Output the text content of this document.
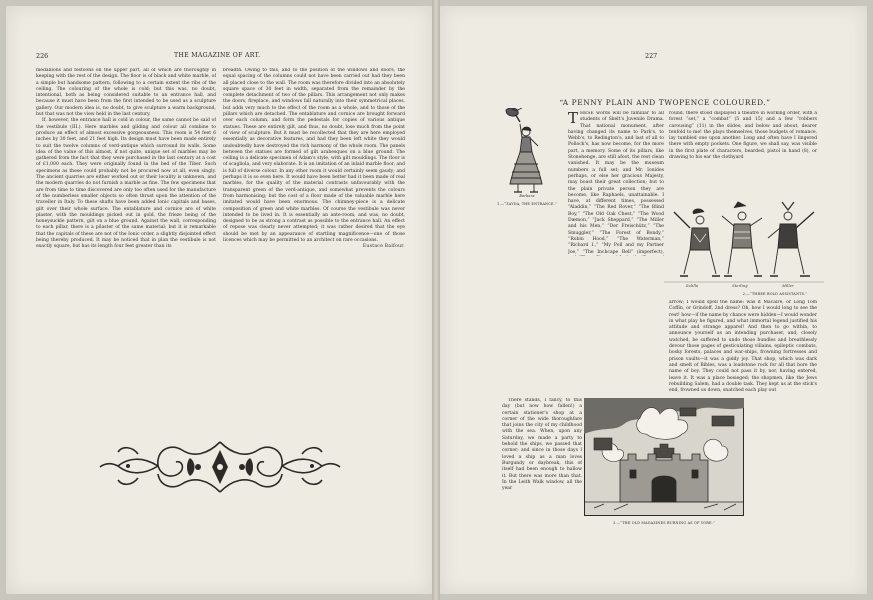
226	THE MAGAZINE OF ART.

medallions and festoons on the upper part, all of which are thoroughly in keeping with the rest of the design. The floor is of black and white marble, of a simple but handsome pattern, following to a certain extent the ribs of the ceiling. The colouring of the whole is cold; but this was, no doubt, intentional, both as being considered suitable to an entrance hall, and because it must have been from the first intended to be used as a sculpture gallery. Our modern idea is, no doubt, to give sculpture a warm background, but that was not the view held in the last century.

If, however, the entrance hall is cold in colour, the same cannot be said of the vestibule (III.). Here marbles and gilding and colour all combine to produce an effect of almost excessive gorgeousness. This room is 54 feet 6 inches by 30 feet, and 21 feet high. Its design must have been made entirely to suit the twelve columns of verd-antique which surround its walls. Some idea of the value of this almost, if not quite, unique set of marbles may be gathered from the fact that they were purchased in the last century at a cost of £1,000 each. They were originally found in the bed of the Tiber. Such specimens as these could probably not be procured now at all, even singly. The ancient quarries are either worked out or their locality is unknown, and the modern quarries do not furnish a marble as fine. The few specimens that are from time to time discovered are only too often used for the manufacture of the numberless smaller objects so often thrust upon the attention of the traveller in Italy. To these shafts have been added Ionic capitals and bases, gilt over their whole surface. The entablature and cornice are of white plaster, with the mouldings picked out in gold, the frieze being of the honeysuckle pattern, gilt on a blue ground. Against the wall, corresponding to each pillar, there is a pilaster of the same material; but it is remarkable that the capitals of these are not of the Ionic order, a slightly disjointed effect being thereby produced. It may be noticed that in plan the vestibule is not exactly square, but has its length four feet greater than its

breadth. Owing to this, and to the position of the windows and doors, the equal spacing of the columns could not have been carried out had they been all placed close to the wall. The room was therefore divided into an absolutely square space of 30 feet in width, separated from the remainder by the complete detachment of two of the pillars. This arrangement not only makes the doors, fireplace, and windows fall naturally into their symmetrical places, but adds very much to the effect of the room as a whole, and to those of the pillars which are detached. The entablature and cornice are brought forward over each column, and form the pedestals for copies of various antique statues. These are entirely gilt, and thus, no doubt, lose much from the point of view of sculpture. But it must be recollected that they are here employed essentially as decorative features, and had they been left white they would undoubtedly have destroyed the rich harmony of the whole room. The panels between the statues are formed of gilt arabesques on a blue ground. The ceiling is a delicate specimen of Adam's style, with gilt mouldings. The floor is of scagliola, and very elaborate. It is an imitation of an inlaid marble floor, and is full of diverse colour. In any other room it would certainly seem gaudy; and perhaps it is so even here. It would have been better had it been made of real marbles, for the quality of the material contrasts unfavourably with the transparent green of the verd-antique, and somewhat prevents the colours from harmonising; but the cost of a floor made of the valuable marble here imitated would have been enormous. The chimney-piece is a delicate composition of green and white marbles. Of course the vestibule was never intended to be lived in. It is essentially an ante-room, and was, no doubt, designed to be as strong a contrast as possible to the entrance hall. An effect of repose was clearly never attempted; it was rather desired that the eye should be met by an appearance of startling magnificence—one of those licences which may be permitted to an architect on rare occasions.

Eustace Balfour.
227
“A PENNY PLAIN AND TWOPENCE COLOURED.”
Barbara
1.—“ZAYDA, THE ENTRANCE.”

THESE words will be familiar to all students of Skelt's Juvenile Drama. That national monument, after having changed its name to Park's, to Webb's, to Redington's, and last of all to Pollock's, has now become, for the more part, a memory. Some of its pillars, like Stonehenge, are still afoot, the rest clean vanished. It may be the museum numbers a full set; and Mr. Ionides perhaps, or else her gracious Majesty, may boast their great collection; but to the plain private person they are become, like Raphaels, unattainable. I have, at different times, possessed “Aladdin,” “The Red Rover,” “The Blind Boy,” “The Old Oak Chest,” “The Wood Dæmon,” “Jack Sheppard,” “The Miller and his Men,” “Der Freischütz,” “The Smuggler,” “The Forest of Bondy,” “Robin Hood,” “The Waterman,” “Richard I.,” “My Poll and my Partner Joe,” “The Inchcape Bell” (imperfect),

There stands, I fancy, to this day (but now how fallen!) a certain stationer's shop at a corner of the wide thoroughfare that joins the city of my childhood with the sea. When, upon any Saturday, we made a party to behold the ships, we passed that corner; and since in those days I loved a ship as a man loves Burgundy or daybreak, this of itself had been enough to hallow it. But there was more than that. In the Leith Walk window, all the year

round, there stood displayed a theatre in working order, with a forest “set,” a “combat” (5 and 15) and a few “robbers carousing” (11) in the slides; and below and about, dearer tenfold to me! the plays themselves, those budgets of romance, lay tumbled one upon another. Long and often have I lingered there with empty pockets. One figure, we shall say, was visible in the first plate of characters, bearded, pistol in hand (8), or drawing to his ear the clothyard

Golilla	Sterling	Miller
2.—“THREE BOLD ASSISTANTS.”

arrow; I would spell the name: was it Macaire, or Long Tom Coffin, or Grindoff, 2nd dress? Oh, how I would long to see the rest! how—if the name by chance were hidden—I would wonder in what play he figured, and what immortal legend justified his attitude and strange apparel! And then to go within, to announce yourself as an intending purchaser, and, closely watched, be suffered to undo those bundles and breathlessly devour those pages of gesticulating villains, epileptic combats, bosky forests, palaces and war-ships, frowning fortresses and prison vaults—it was a giddy joy. That shop, which was dark and smelt of Bibles, was a loadstone rock for all that bore the name of boy. They could not pass it by, nor, having entered, leave it. It was a place besieged; the shopmen, like the Jews rebuilding Salem, had a double task. They kept us at the stick's end, frowned us down, snatched each play out

3.—“THE OLD MAGAZINES BURNING AS OF YORE.”
